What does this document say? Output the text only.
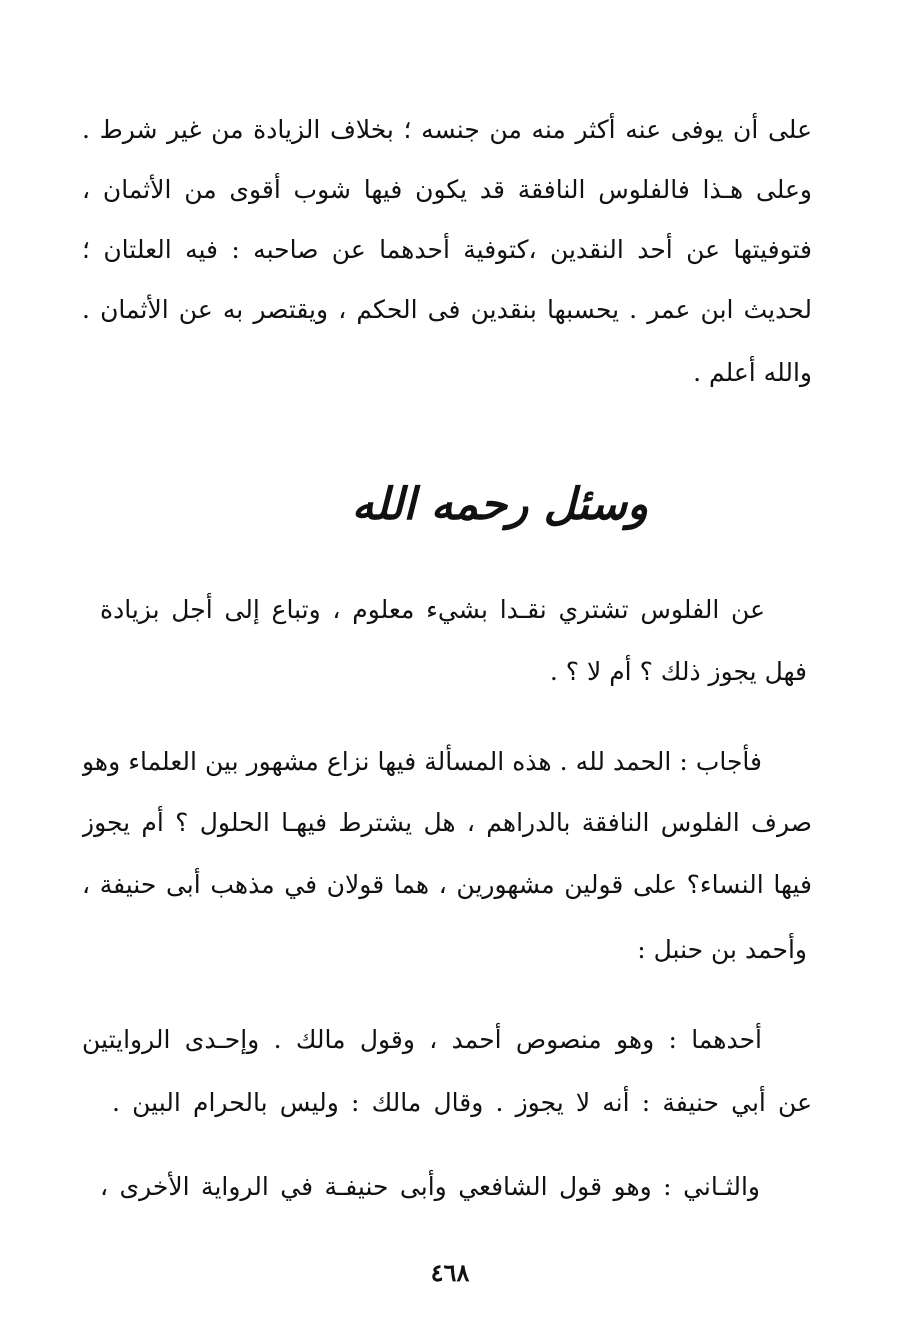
على أن يوفى عنه أكثر منه من جنسه ؛ بخلاف الزيادة من غير شرط .
وعلى هـذا فالفلوس النافقة قد يكون فيها شوب أقوى من الأثمان ،
فتوفيتها عن أحد النقدين ،كتوفية أحدهما عن صاحبه : فيه العلتان ؛
لحديث ابن عمر . يحسبها بنقدين فى الحكم ، ويقتصر به عن الأثمان .
والله أعلم .
وسئل رحمه الله
عن الفلوس تشتري نقـدا بشيء معلوم ، وتباع إلى أجل بزيادة
فهل يجوز ذلك ؟ أم لا ؟ .
فأجاب : الحمد لله . هذه المسألة فيها نزاع مشهور بين العلماء وهو
صرف الفلوس النافقة بالدراهم ، هل يشترط فيهـا الحلول ؟ أم يجوز
فيها النساء؟ على قولين مشهورين ، هما قولان في مذهب أبى حنيفة ،
وأحمد بن حنبل :
أحدهما : وهو منصوص أحمد ، وقول مالك . وإحـدى الروايتين
عن أبي حنيفة : أنه لا يجوز . وقال مالك : وليس بالحرام البين .
والثـاني : وهو قول الشافعي وأبى حنيفـة في الرواية الأخرى ،
٤٦٨
